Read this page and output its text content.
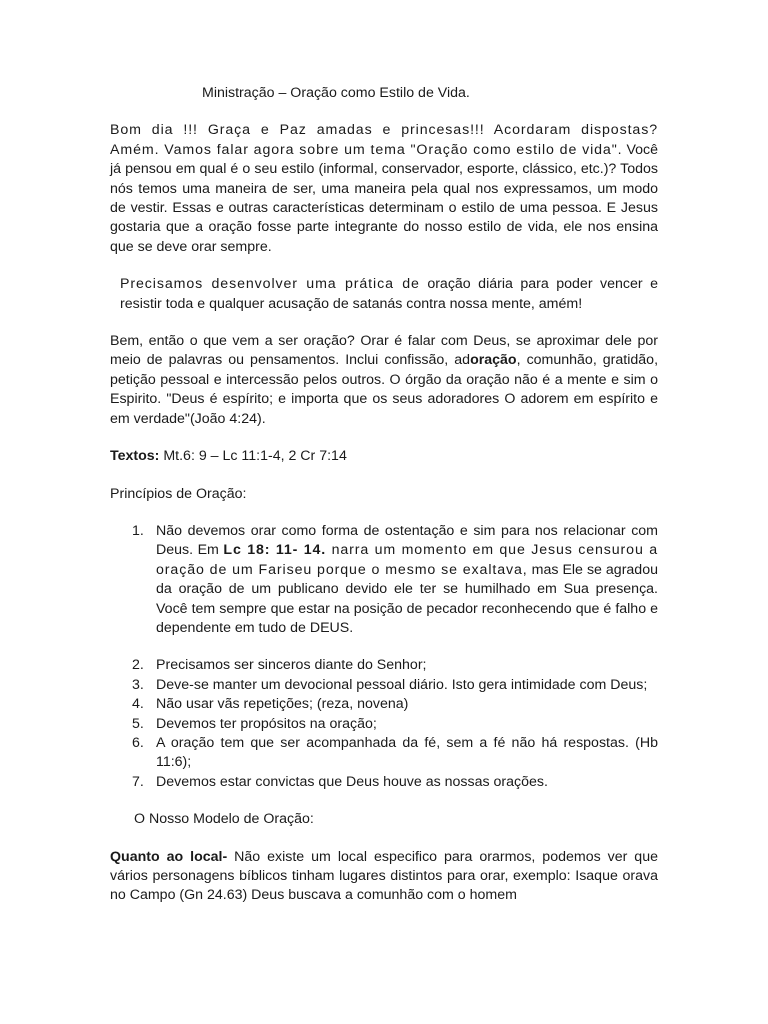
Ministração – Oração como Estilo de Vida.

Bom dia !!! Graça e Paz amadas e princesas!!! Acordaram dispostas? Amém. Vamos falar agora sobre um tema "Oração como estilo de vida". Você já pensou em qual é o seu estilo (informal, conservador, esporte, clássico, etc.)? Todos nós temos uma maneira de ser, uma maneira pela qual nos expressamos, um modo de vestir. Essas e outras características determinam o estilo de uma pessoa. E Jesus gostaria que a oração fosse parte integrante do nosso estilo de vida, ele nos ensina que se deve orar sempre.

Precisamos desenvolver uma prática de oração diária para poder vencer e resistir toda e qualquer acusação de satanás contra nossa mente, amém!

Bem, então o que vem a ser oração? Orar é falar com Deus, se aproximar dele por meio de palavras ou pensamentos. Inclui confissão, adoração, comunhão, gratidão, petição pessoal e intercessão pelos outros. O órgão da oração não é a mente e sim o Espirito. "Deus é espírito; e importa que os seus adoradores O adorem em espírito e em verdade"(João 4:24).

Textos: Mt.6: 9 – Lc 11:1-4, 2 Cr 7:14

Princípios de Oração:

1. Não devemos orar como forma de ostentação e sim para nos relacionar com Deus. Em Lc 18: 11- 14. narra um momento em que Jesus censurou a oração de um Fariseu porque o mesmo se exaltava, mas Ele se agradou da oração de um publicano devido ele ter se humilhado em Sua presença. Você tem sempre que estar na posição de pecador reconhecendo que é falho e dependente em tudo de DEUS.
2. Precisamos ser sinceros diante do Senhor;
3. Deve-se manter um devocional pessoal diário. Isto gera intimidade com Deus;
4. Não usar vãs repetições; (reza, novena)
5. Devemos ter propósitos na oração;
6. A oração tem que ser acompanhada da fé, sem a fé não há respostas. (Hb 11:6);
7. Devemos estar convictas que Deus houve as nossas orações.

O Nosso Modelo de Oração:

Quanto ao local- Não existe um local especifico para orarmos, podemos ver que vários personagens bíblicos tinham lugares distintos para orar, exemplo: Isaque orava no Campo (Gn 24.63) Deus buscava a comunhão com o homem
